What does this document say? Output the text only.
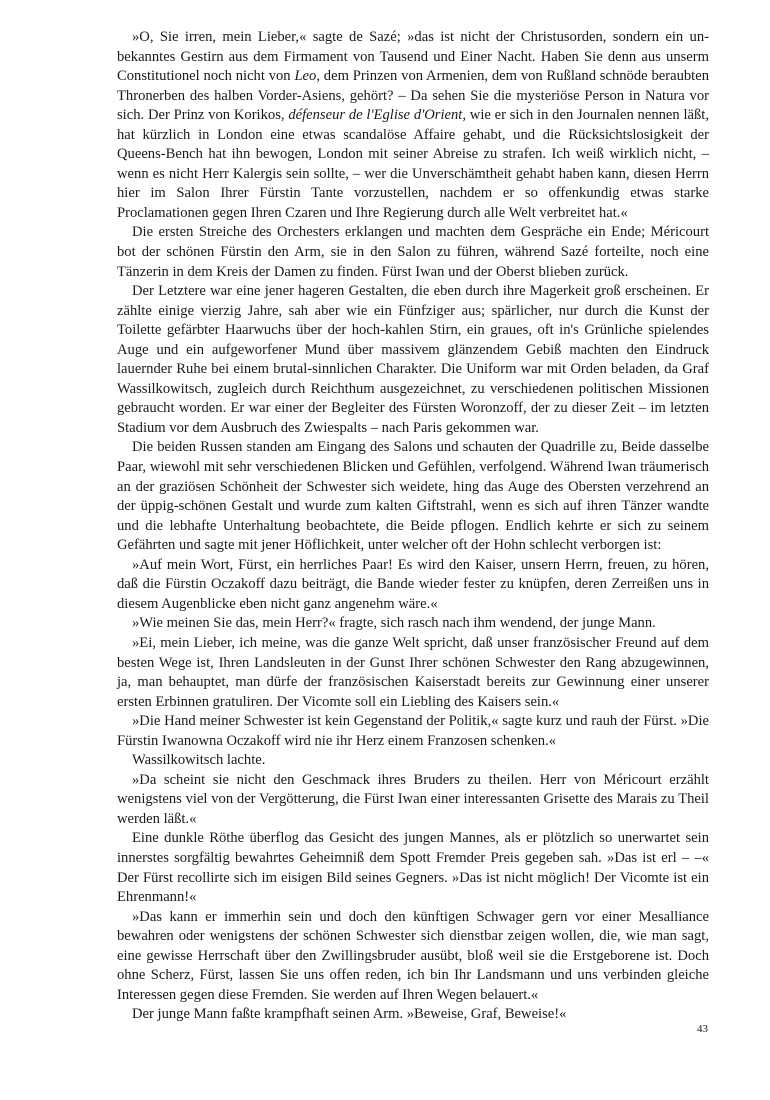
»O, Sie irren, mein Lieber,« sagte de Sazé; »das ist nicht der Christusorden, sondern ein unbekanntes Gestirn aus dem Firmament von Tausend und Einer Nacht. Haben Sie denn aus unserm Constitutionel noch nicht von Leo, dem Prinzen von Armenien, dem von Rußland schnöde beraubten Thronerben des halben Vorder-Asiens, gehört? – Da sehen Sie die mysteriöse Person in Natura vor sich. Der Prinz von Korikos, défenseur de l'Eglise d'Orient, wie er sich in den Journalen nennen läßt, hat kürzlich in London eine etwas scandalöse Affaire gehabt, und die Rücksichtslosigkeit der Queens-Bench hat ihn bewogen, London mit seiner Abreise zu strafen. Ich weiß wirklich nicht, – wenn es nicht Herr Kalergis sein sollte, – wer die Unverschämtheit gehabt haben kann, diesen Herrn hier im Salon Ihrer Fürstin Tante vorzustellen, nachdem er so offenkundig etwas starke Proclamationen gegen Ihren Czaren und Ihre Regierung durch alle Welt verbreitet hat.«

Die ersten Streiche des Orchesters erklangen und machten dem Gespräche ein Ende; Méricourt bot der schönen Fürstin den Arm, sie in den Salon zu führen, während Sazé forteilte, noch eine Tänzerin in dem Kreis der Damen zu finden. Fürst Iwan und der Oberst blieben zurück.

Der Letztere war eine jener hageren Gestalten, die eben durch ihre Magerkeit groß erscheinen. Er zählte einige vierzig Jahre, sah aber wie ein Fünfziger aus; spärlicher, nur durch die Kunst der Toilette gefärbter Haarwuchs über der hoch-kahlen Stirn, ein graues, oft in's Grünliche spielendes Auge und ein aufgeworfener Mund über massivem glänzendem Gebiß machten den Eindruck lauernder Ruhe bei einem brutal-sinnlichen Charakter. Die Uniform war mit Orden beladen, da Graf Wassilkowitsch, zugleich durch Reichthum ausgezeichnet, zu verschiedenen politischen Missionen gebraucht worden. Er war einer der Begleiter des Fürsten Woronzoff, der zu dieser Zeit – im letzten Stadium vor dem Ausbruch des Zwiespalts – nach Paris gekommen war.

Die beiden Russen standen am Eingang des Salons und schauten der Quadrille zu, Beide dasselbe Paar, wiewohl mit sehr verschiedenen Blicken und Gefühlen, verfolgend. Während Iwan träumerisch an der graziösen Schönheit der Schwester sich weidete, hing das Auge des Obersten verzehrend an der üppig-schönen Gestalt und wurde zum kalten Giftstrahl, wenn es sich auf ihren Tänzer wandte und die lebhafte Unterhaltung beobachtete, die Beide pflogen. Endlich kehrte er sich zu seinem Gefährten und sagte mit jener Höflichkeit, unter welcher oft der Hohn schlecht verborgen ist:

»Auf mein Wort, Fürst, ein herrliches Paar! Es wird den Kaiser, unsern Herrn, freuen, zu hören, daß die Fürstin Oczakoff dazu beiträgt, die Bande wieder fester zu knüpfen, deren Zerreißen uns in diesem Augenblicke eben nicht ganz angenehm wäre.«

»Wie meinen Sie das, mein Herr?« fragte, sich rasch nach ihm wendend, der junge Mann.

»Ei, mein Lieber, ich meine, was die ganze Welt spricht, daß unser französischer Freund auf dem besten Wege ist, Ihren Landsleuten in der Gunst Ihrer schönen Schwester den Rang abzugewinnen, ja, man behauptet, man dürfe der französischen Kaiserstadt bereits zur Gewinnung einer unserer ersten Erbinnen gratuliren. Der Vicomte soll ein Liebling des Kaisers sein.«

»Die Hand meiner Schwester ist kein Gegenstand der Politik,« sagte kurz und rauh der Fürst. »Die Fürstin Iwanowna Oczakoff wird nie ihr Herz einem Franzosen schenken.«

Wassilkowitsch lachte.

»Da scheint sie nicht den Geschmack ihres Bruders zu theilen. Herr von Méricourt erzählt wenigstens viel von der Vergötterung, die Fürst Iwan einer interessanten Grisette des Marais zu Theil werden läßt.«

Eine dunkle Röthe überflog das Gesicht des jungen Mannes, als er plötzlich so unerwartet sein innerstes sorgfältig bewahrtes Geheimniß dem Spott Fremder Preis gegeben sah. »Das ist erl – –« Der Fürst recollirte sich im eisigen Bild seines Gegners. »Das ist nicht möglich! Der Vicomte ist ein Ehrenmann!«

»Das kann er immerhin sein und doch den künftigen Schwager gern vor einer Mesalliance bewahren oder wenigstens der schönen Schwester sich dienstbar zeigen wollen, die, wie man sagt, eine gewisse Herrschaft über den Zwillingsbruder ausübt, bloß weil sie die Erstgeborene ist. Doch ohne Scherz, Fürst, lassen Sie uns offen reden, ich bin Ihr Landsmann und uns verbinden gleiche Interessen gegen diese Fremden. Sie werden auf Ihren Wegen belauert.«

Der junge Mann faßte krampfhaft seinen Arm. »Beweise, Graf, Beweise!«

43
